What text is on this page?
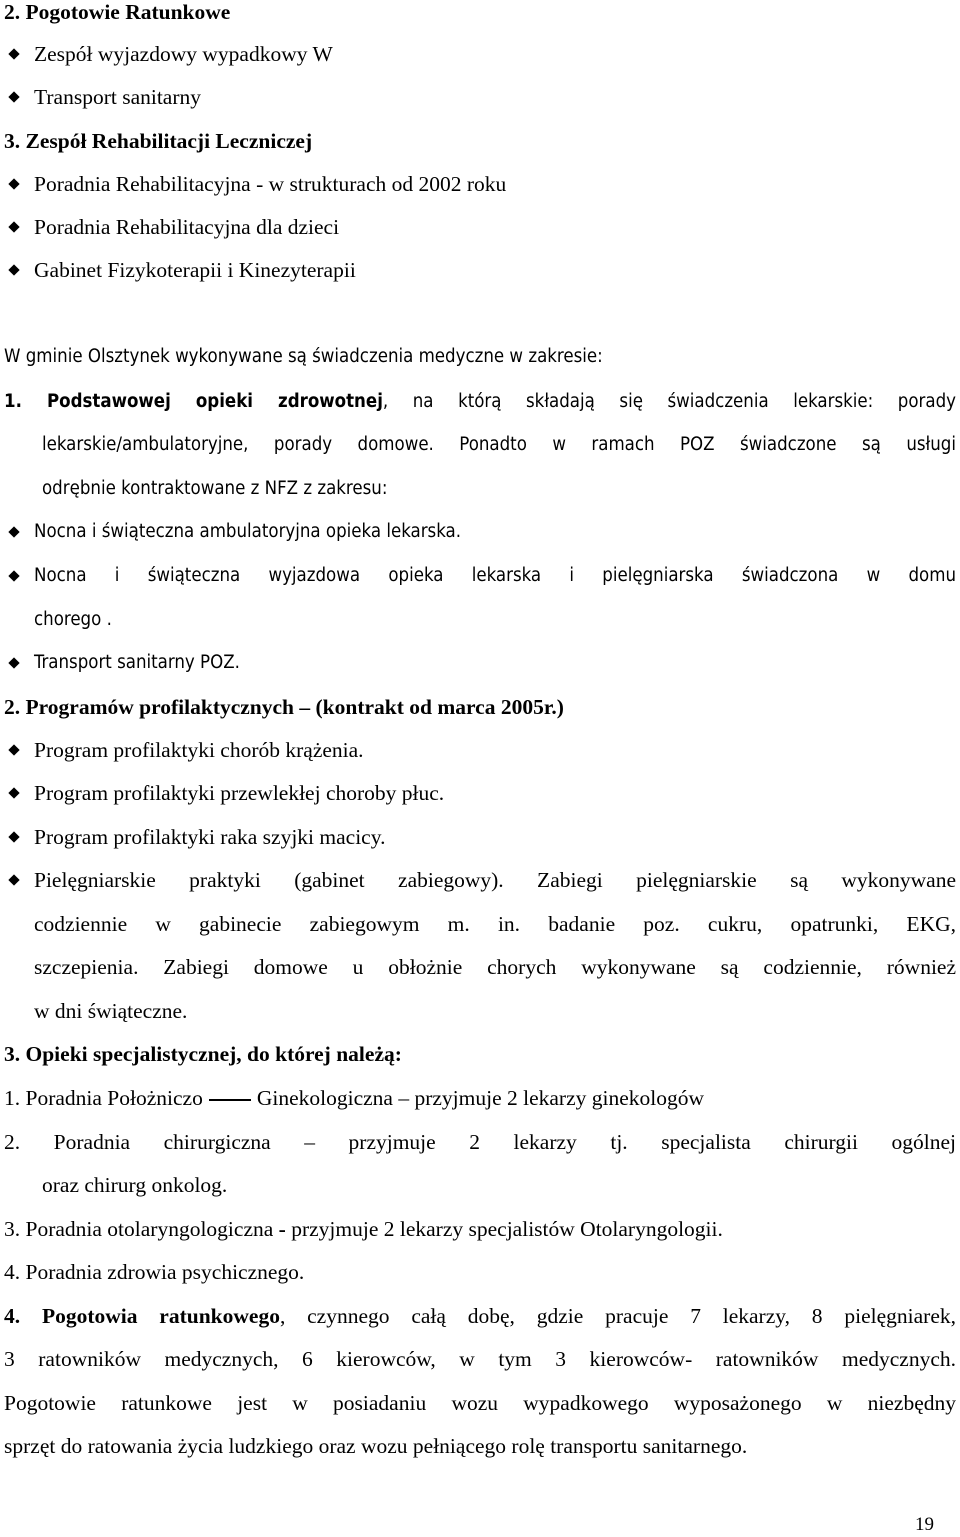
2. Pogotowie Ratunkowe
Zespół wyjazdowy wypadkowy W
Transport sanitarny
3. Zespół Rehabilitacji Leczniczej
Poradnia Rehabilitacyjna - w strukturach od 2002 roku
Poradnia Rehabilitacyjna dla dzieci
Gabinet Fizykoterapii i Kinezyterapii
W gminie Olsztynek wykonywane są świadczenia medyczne w zakresie:
1. Podstawowej opieki zdrowotnej, na którą składają się świadczenia lekarskie: porady
lekarskie/ambulatoryjne, porady domowe. Ponadto w ramach POZ świadczone są usługi
odrębnie kontraktowane z NFZ z zakresu:
Nocna i świąteczna ambulatoryjna opieka lekarska.
Nocna i świąteczna wyjazdowa opieka lekarska i pielęgniarska świadczona w domu
chorego .
Transport sanitarny POZ.
2. Programów profilaktycznych – (kontrakt od marca 2005r.)
Program profilaktyki chorób krążenia.
Program profilaktyki przewlekłej choroby płuc.
Program profilaktyki raka szyjki macicy.
Pielęgniarskie praktyki (gabinet zabiegowy). Zabiegi pielęgniarskie są wykonywane
codziennie w gabinecie zabiegowym m. in. badanie poz. cukru, opatrunki, EKG,
szczepienia. Zabiegi domowe u obłożnie chorych wykonywane są codziennie, również
w dni świąteczne.
3. Opieki specjalistycznej, do której należą:
1. Poradnia Położniczo	Ginekologiczna – przyjmuje 2 lekarzy ginekologów
2. Poradnia chirurgiczna – przyjmuje 2 lekarzy tj. specjalista chirurgii ogólnej
oraz chirurg onkolog.
3. Poradnia otolaryngologiczna - przyjmuje 2 lekarzy specjalistów Otolaryngologii.
4. Poradnia zdrowia psychicznego.
4. Pogotowia ratunkowego, czynnego całą dobę, gdzie pracuje 7 lekarzy, 8 pielęgniarek,
3 ratowników medycznych, 6 kierowców, w tym 3 kierowców- ratowników medycznych.
Pogotowie ratunkowe jest w posiadaniu wozu wypadkowego wyposażonego w niezbędny
sprzęt do ratowania życia ludzkiego oraz wozu pełniącego rolę transportu sanitarnego.
19
